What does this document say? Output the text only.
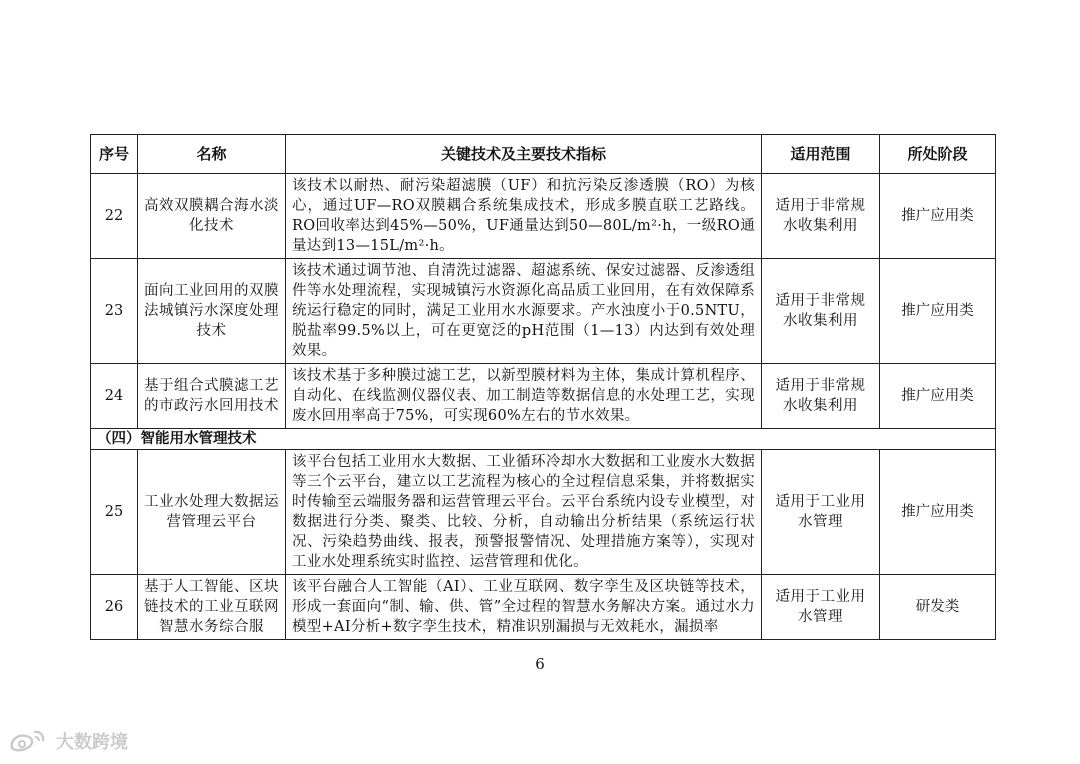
序号	名称	关键技术及主要技术指标	适用范围	所处阶段
22	高效双膜耦合海水淡化技术	该技术以耐热、耐污染超滤膜（UF）和抗污染反渗透膜（RO）为核心，通过UF—RO双膜耦合系统集成技术，形成多膜直联工艺路线。RO回收率达到45%—50%，UF通量达到50—80L/m²·h，一级RO通量达到13—15L/m²·h。	适用于非常规水收集利用	推广应用类
23	面向工业回用的双膜法城镇污水深度处理技术	该技术通过调节池、自清洗过滤器、超滤系统、保安过滤器、反渗透组件等水处理流程，实现城镇污水资源化高品质工业回用，在有效保障系统运行稳定的同时，满足工业用水水源要求。产水浊度小于0.5NTU，脱盐率99.5%以上，可在更宽泛的pH范围（1—13）内达到有效处理效果。	适用于非常规水收集利用	推广应用类
24	基于组合式膜滤工艺的市政污水回用技术	该技术基于多种膜过滤工艺，以新型膜材料为主体，集成计算机程序、自动化、在线监测仪器仪表、加工制造等数据信息的水处理工艺，实现废水回用率高于75%，可实现60%左右的节水效果。	适用于非常规水收集利用	推广应用类
（四）智能用水管理技术				
25	工业水处理大数据运营管理云平台	该平台包括工业用水大数据、工业循环冷却水大数据和工业废水大数据等三个云平台，建立以工艺流程为核心的全过程信息采集，并将数据实时传输至云端服务器和运营管理云平台。云平台系统内设专业模型，对数据进行分类、聚类、比较、分析，自动输出分析结果（系统运行状况、污染趋势曲线、报表，预警报警情况、处理措施方案等），实现对工业水处理系统实时监控、运营管理和优化。	适用于工业用水管理	推广应用类
26	基于人工智能、区块链技术的工业互联网智慧水务综合服	该平台融合人工智能（AI）、工业互联网、数字孪生及区块链等技术，形成一套面向“制、输、供、管”全过程的智慧水务解决方案。通过水力模型+AI分析+数字孪生技术，精准识别漏损与无效耗水，漏损率	适用于工业用水管理	研发类
6
大数跨境
